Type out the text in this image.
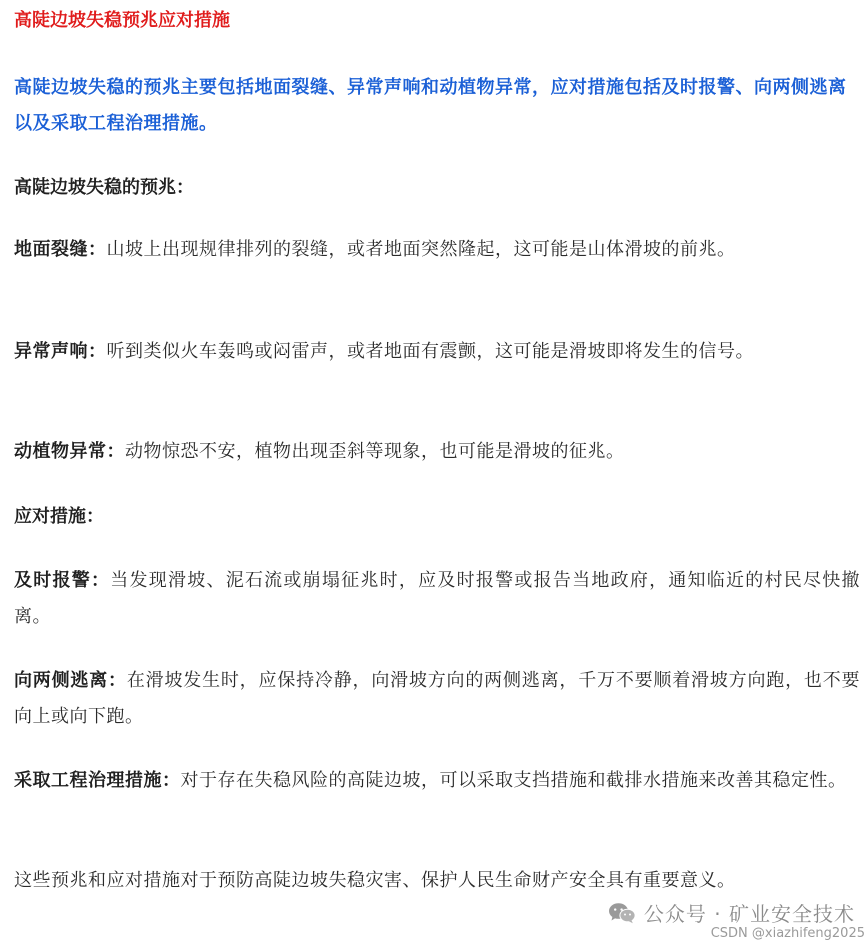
高陡边坡失稳预兆应对措施
高陡边坡失稳的预兆主要包括地面裂缝、异常声响和动植物异常，应对措施包括及时报警、向两侧逃离以及采取工程治理措施。
高陡边坡失稳的预兆：
地面裂缝：山坡上出现规律排列的裂缝，或者地面突然隆起，这可能是山体滑坡的前兆。
异常声响：听到类似火车轰鸣或闷雷声，或者地面有震颤，这可能是滑坡即将发生的信号。
动植物异常：动物惊恐不安，植物出现歪斜等现象，也可能是滑坡的征兆。
应对措施：
及时报警：当发现滑坡、泥石流或崩塌征兆时，应及时报警或报告当地政府，通知临近的村民尽快撤离。
向两侧逃离：在滑坡发生时，应保持冷静，向滑坡方向的两侧逃离，千万不要顺着滑坡方向跑，也不要向上或向下跑。
采取工程治理措施：对于存在失稳风险的高陡边坡，可以采取支挡措施和截排水措施来改善其稳定性。
这些预兆和应对措施对于预防高陡边坡失稳灾害、保护人民生命财产安全具有重要意义。
公众号 · 矿业安全技术
CSDN @xiazhifeng2025
